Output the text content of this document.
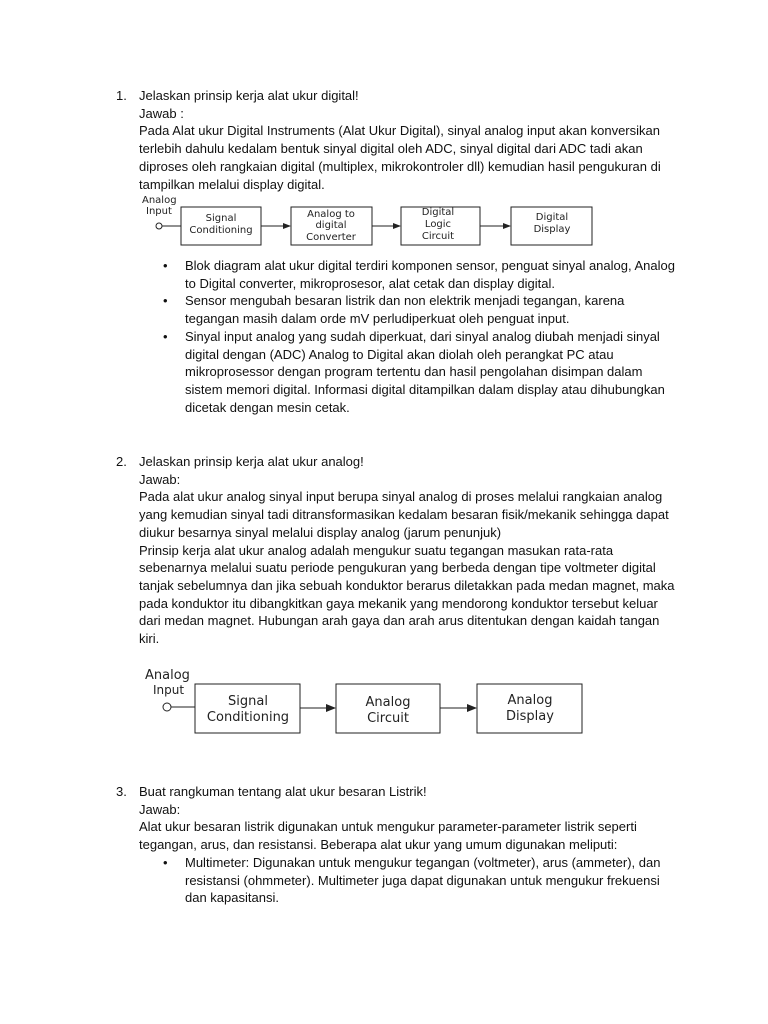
1. Jelaskan prinsip kerja alat ukur digital!
Jawab :
Pada Alat ukur Digital Instruments (Alat Ukur Digital), sinyal analog input akan konversikan
terlebih dahulu kedalam bentuk sinyal digital oleh ADC, sinyal digital dari ADC tadi akan
diproses oleh rangkaian digital (multiplex, mikrokontroler dll) kemudian hasil pengukuran di
tampilkan melalui display digital.
Analog
Input
Signal
Conditioning
Analog to
digital
Converter
Digital
Logic
Circuit
Digital
Display
• Blok diagram alat ukur digital terdiri komponen sensor, penguat sinyal analog, Analog
to Digital converter, mikroprosesor, alat cetak dan display digital.
• Sensor mengubah besaran listrik dan non elektrik menjadi tegangan, karena
tegangan masih dalam orde mV perludiperkuat oleh penguat input.
• Sinyal input analog yang sudah diperkuat, dari sinyal analog diubah menjadi sinyal
digital dengan (ADC) Analog to Digital akan diolah oleh perangkat PC atau
mikroprosessor dengan program tertentu dan hasil pengolahan disimpan dalam
sistem memori digital. Informasi digital ditampilkan dalam display atau dihubungkan
dicetak dengan mesin cetak.
2. Jelaskan prinsip kerja alat ukur analog!
Jawab:
Pada alat ukur analog sinyal input berupa sinyal analog di proses melalui rangkaian analog
yang kemudian sinyal tadi ditransformasikan kedalam besaran fisik/mekanik sehingga dapat
diukur besarnya sinyal melalui display analog (jarum penunjuk)
Prinsip kerja alat ukur analog adalah mengukur suatu tegangan masukan rata-rata
sebenarnya melalui suatu periode pengukuran yang berbeda dengan tipe voltmeter digital
tanjak sebelumnya dan jika sebuah konduktor berarus diletakkan pada medan magnet, maka
pada konduktor itu dibangkitkan gaya mekanik yang mendorong konduktor tersebut keluar
dari medan magnet. Hubungan arah gaya dan arah arus ditentukan dengan kaidah tangan
kiri.
Analog
Input
Signal
Conditioning
Analog
Circuit
Analog
Display
3. Buat rangkuman tentang alat ukur besaran Listrik!
Jawab:
Alat ukur besaran listrik digunakan untuk mengukur parameter-parameter listrik seperti
tegangan, arus, dan resistansi. Beberapa alat ukur yang umum digunakan meliputi:
• Multimeter: Digunakan untuk mengukur tegangan (voltmeter), arus (ammeter), dan
resistansi (ohmmeter). Multimeter juga dapat digunakan untuk mengukur frekuensi
dan kapasitansi.
